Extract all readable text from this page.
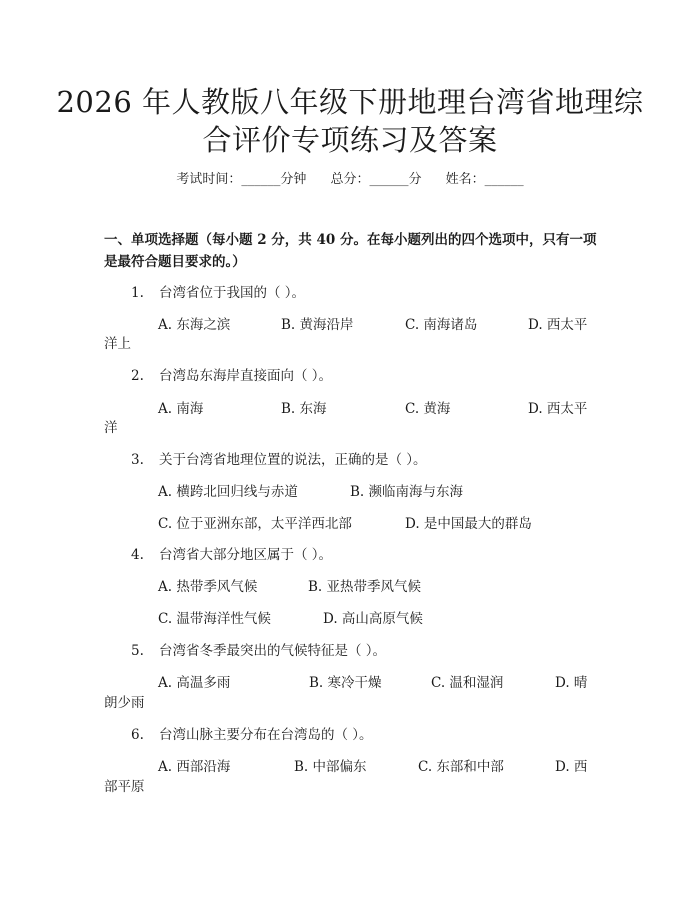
2026 年人教版八年级下册地理台湾省地理综
合评价专项练习及答案
考试时间：______分钟 总分：______分 姓名：______
一、单项选择题（每小题 2 分，共 40 分。在每小题列出的四个选项中，只有一项
是最符合题目要求的。）
1. 台湾省位于我国的（ ）。
A. 东海之滨	B. 黄海沿岸	C. 南海诸岛	D. 西太平
洋上
2. 台湾岛东海岸直接面向（ ）。
A. 南海	B. 东海	C. 黄海	D. 西太平
洋
3. 关于台湾省地理位置的说法，正确的是（ ）。
A. 横跨北回归线与赤道	B. 濒临南海与东海
C. 位于亚洲东部，太平洋西北部	D. 是中国最大的群岛
4. 台湾省大部分地区属于（ ）。
A. 热带季风气候	B. 亚热带季风气候
C. 温带海洋性气候	D. 高山高原气候
5. 台湾省冬季最突出的气候特征是（ ）。
A. 高温多雨	B. 寒冷干燥	C. 温和湿润	D. 晴
朗少雨
6. 台湾山脉主要分布在台湾岛的（ ）。
A. 西部沿海	B. 中部偏东	C. 东部和中部	D. 西
部平原
